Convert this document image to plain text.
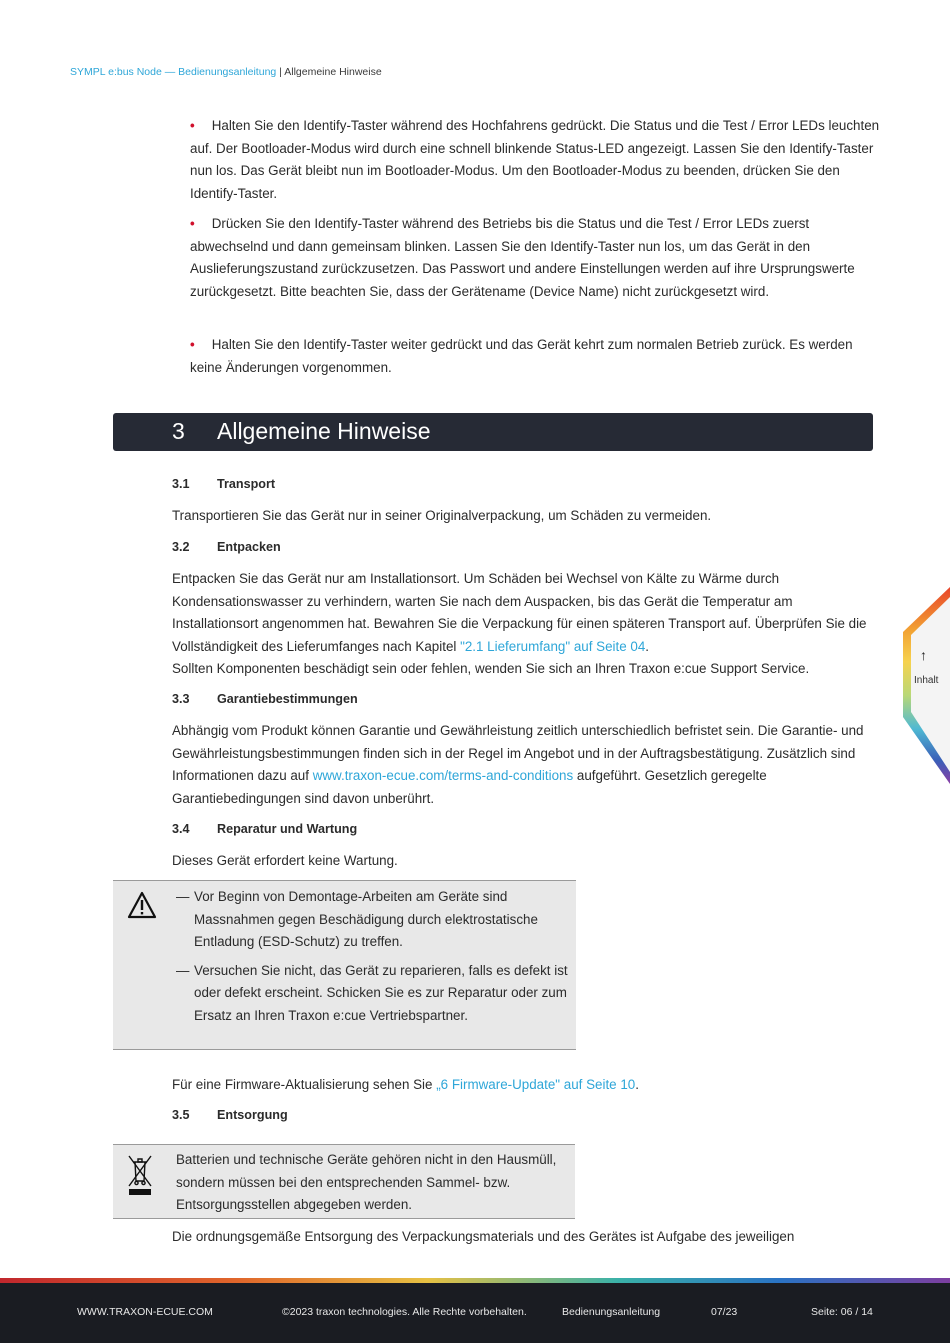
SYMPL e:bus Node — Bedienungsanleitung | Allgemeine Hinweise
• Halten Sie den Identify-Taster während des Hochfahrens gedrückt. Die Status und die Test / Error LEDs leuchten auf. Der Bootloader-Modus wird durch eine schnell blinkende Status-LED angezeigt. Lassen Sie den Identify-Taster nun los. Das Gerät bleibt nun im Bootloader-Modus. Um den Bootloader-Modus zu beenden, drücken Sie den Identify-Taster.
• Drücken Sie den Identify-Taster während des Betriebs bis die Status und die Test / Error LEDs zuerst abwechselnd und dann gemeinsam blinken. Lassen Sie den Identify-Taster nun los, um das Gerät in den Auslieferungszustand zurückzusetzen. Das Passwort und andere Einstellungen werden auf ihre Ursprungswerte zurückgesetzt. Bitte beachten Sie, dass der Gerätename (Device Name) nicht zurückgesetzt wird.
• Halten Sie den Identify-Taster weiter gedrückt und das Gerät kehrt zum normalen Betrieb zurück. Es werden keine Änderungen vorgenommen.
3 Allgemeine Hinweise
3.1 Transport
Transportieren Sie das Gerät nur in seiner Originalverpackung, um Schäden zu vermeiden.
3.2 Entpacken
Entpacken Sie das Gerät nur am Installationsort. Um Schäden bei Wechsel von Kälte zu Wärme durch Kondensationswasser zu verhindern, warten Sie nach dem Auspacken, bis das Gerät die Temperatur am Installationsort angenommen hat. Bewahren Sie die Verpackung für einen späteren Transport auf. Überprüfen Sie die Vollständigkeit des Lieferumfanges nach Kapitel "2.1 Lieferumfang" auf Seite 04.
Sollten Komponenten beschädigt sein oder fehlen, wenden Sie sich an Ihren Traxon e:cue Support Service.
3.3 Garantiebestimmungen
Abhängig vom Produkt können Garantie und Gewährleistung zeitlich unterschiedlich befristet sein. Die Garantie- und Gewährleistungsbestimmungen finden sich in der Regel im Angebot und in der Auftragsbestätigung. Zusätzlich sind Informationen dazu auf www.traxon-ecue.com/terms-and-conditions aufgeführt. Gesetzlich geregelte Garantiebedingungen sind davon unberührt.
3.4 Reparatur und Wartung
Dieses Gerät erfordert keine Wartung.
— Vor Beginn von Demontage-Arbeiten am Geräte sind Massnahmen gegen Beschädigung durch elektrostatische Entladung (ESD-Schutz) zu treffen.
— Versuchen Sie nicht, das Gerät zu reparieren, falls es defekt ist oder defekt erscheint. Schicken Sie es zur Reparatur oder zum Ersatz an Ihren Traxon e:cue Vertriebspartner.
Für eine Firmware-Aktualisierung sehen Sie „6 Firmware-Update" auf Seite 10.
3.5 Entsorgung
Batterien und technische Geräte gehören nicht in den Hausmüll, sondern müssen bei den entsprechenden Sammel- bzw. Entsorgungsstellen abgegeben werden.
Die ordnungsgemäße Entsorgung des Verpackungsmaterials und des Gerätes ist Aufgabe des jeweiligen
↑
Inhalt
WWW.TRAXON-ECUE.COM	©2023 traxon technologies. Alle Rechte vorbehalten.	Bedienungsanleitung	07/23	Seite: 06 / 14
